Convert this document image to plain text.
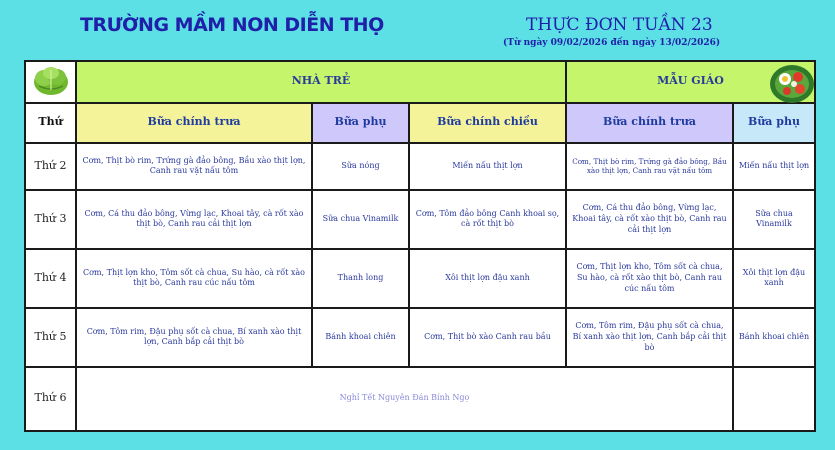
TRƯỜNG MẦM NON DIỄN THỌ	THỰC ĐƠN TUẦN 23
(Từ ngày 09/02/2026 đến ngày 13/02/2026)
	NHÀ TRẺ			MẪU GIÁO	

Thứ	Bữa chính trưa	Bữa phụ	Bữa chính chiều	Bữa chính trưa	Bữa phụ
Thứ 2	Cơm, Thịt bò rim, Trứng gà đảo bông, Bầu xào thịt lợn, Canh rau vặt nấu tôm	Sữa nóng	Miến nấu thịt lợn	Cơm, Thịt bò rim, Trứng gà đảo bông, Bầu xào thịt lợn, Canh rau vặt nấu tôm	Miến nấu thịt lợn
Thứ 3	Cơm, Cá thu đảo bông, Vừng lạc, Khoai tây, cà rốt xào thịt bò, Canh rau cải thịt lợn	Sữa chua Vinamilk	Cơm, Tôm đảo bông Canh khoai sọ, cà rốt thịt bò	Cơm, Cá thu đảo bông, Vừng lạc, Khoai tây, cà rốt xào thịt bò, Canh rau cải thịt lợn	Sữa chua Vinamilk
Thứ 4	Cơm, Thịt lợn kho, Tôm sốt cà chua, Su hào, cà rốt xào thịt bò, Canh rau cúc nấu tôm	Thanh long	Xôi thịt lợn đậu xanh	Cơm, Thịt lợn kho, Tôm sốt cà chua, Su hào, cà rốt xào thịt bò, Canh rau cúc nấu tôm	Xôi thịt lợn đậu xanh
Thứ 5	Cơm, Tôm rim, Đậu phụ sốt cà chua, Bí xanh xào thịt lợn, Canh bắp cải thịt bò	Bánh khoai chiên	Cơm, Thịt bò xào Canh rau bầu	Cơm, Tôm rim, Đậu phụ sốt cà chua, Bí xanh xào thịt lợn, Canh bắp cải thịt bò	Bánh khoai chiên
Thứ 6	Nghỉ Tết Nguyên Đán Bính Ngọ				
